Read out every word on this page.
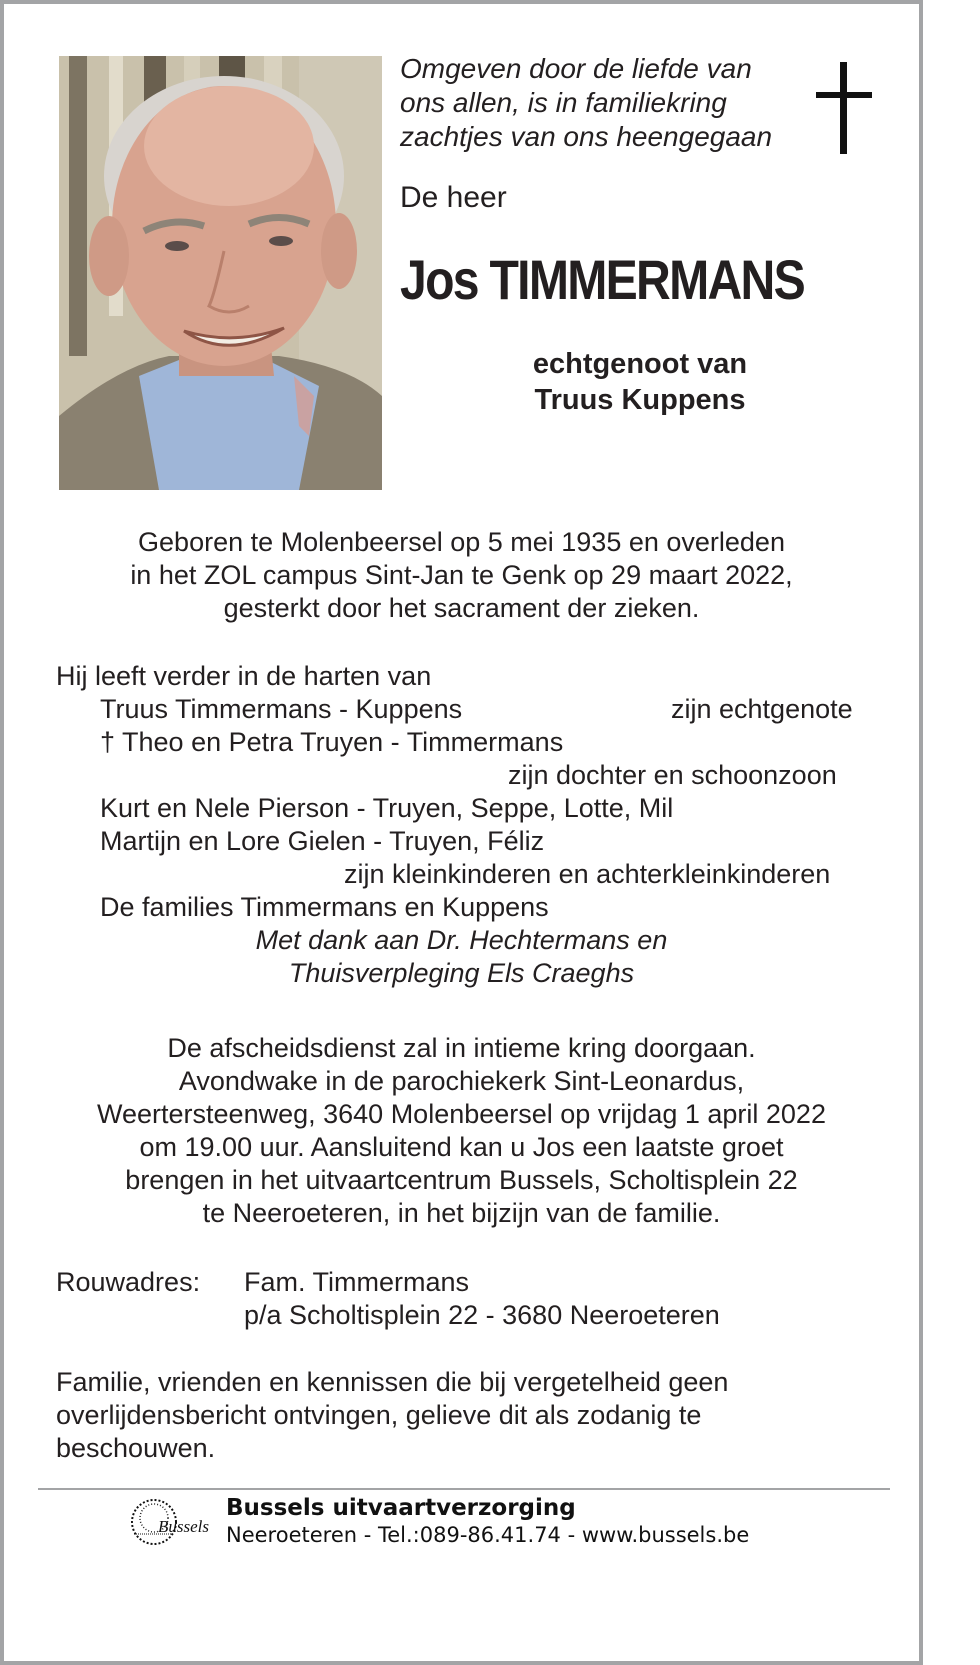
Omgeven door de liefde van
ons allen, is in familiekring
zachtjes van ons heengegaan
De heer
Jos TIMMERMANS
echtgenoot van
Truus Kuppens
Geboren te Molenbeersel op 5 mei 1935 en overleden
in het ZOL campus Sint-Jan te Genk op 29 maart 2022,
gesterkt door het sacrament der zieken.
Hij leeft verder in de harten van
Truus Timmermans - Kuppens	zijn echtgenote
† Theo en Petra Truyen - Timmermans
zijn dochter en schoonzoon
Kurt en Nele Pierson - Truyen, Seppe, Lotte, Mil
Martijn en Lore Gielen - Truyen, Féliz
zijn kleinkinderen en achterkleinkinderen
De families Timmermans en Kuppens
Met dank aan Dr. Hechtermans en
Thuisverpleging Els Craeghs
De afscheidsdienst zal in intieme kring doorgaan.
Avondwake in de parochiekerk Sint-Leonardus,
Weertersteenweg, 3640 Molenbeersel op vrijdag 1 april 2022
om 19.00 uur. Aansluitend kan u Jos een laatste groet
brengen in het uitvaartcentrum Bussels, Scholtisplein 22
te Neeroeteren, in het bijzijn van de familie.
Rouwadres: Fam. Timmermans
p/a Scholtisplein 22 - 3680 Neeroeteren
Familie, vrienden en kennissen die bij vergetelheid geen
overlijdensbericht ontvingen, gelieve dit als zodanig te
beschouwen.
Bussels
Bussels uitvaartverzorging
Neeroeteren - Tel.:089-86.41.74 - www.bussels.be
